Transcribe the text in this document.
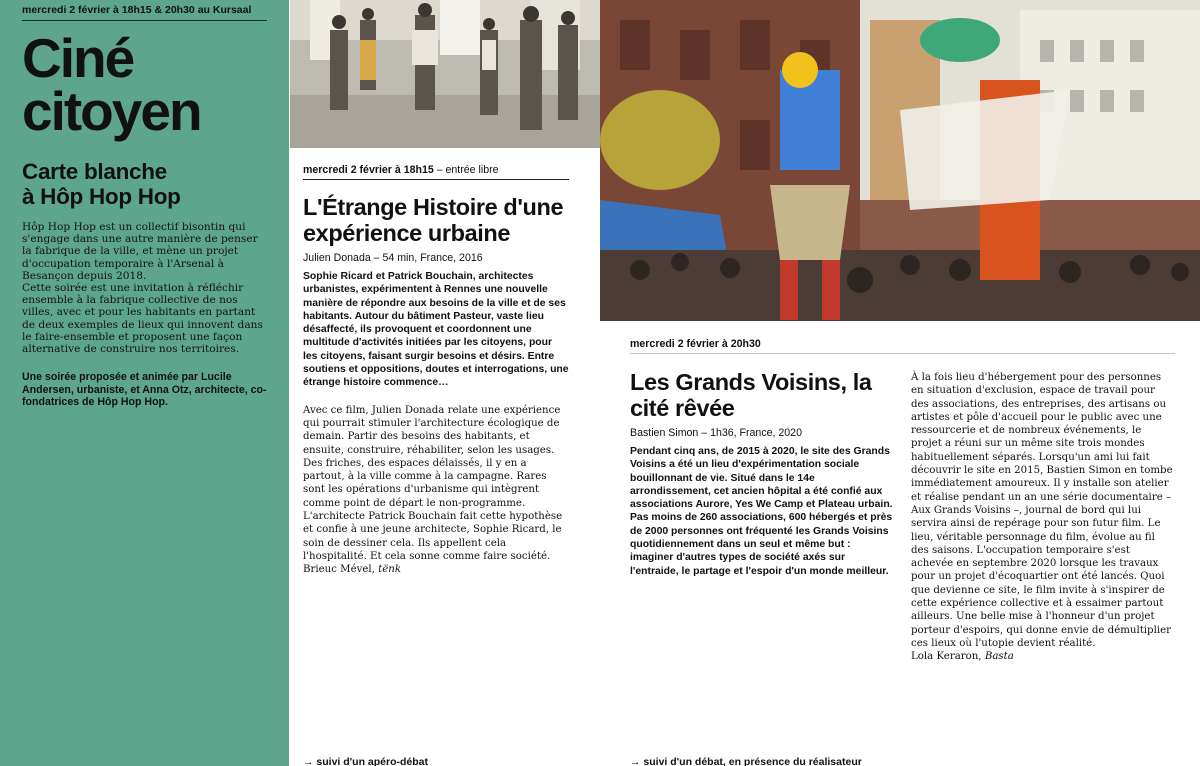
mercredi 2 février à 18h15 & 20h30 au Kursaal
Ciné
citoyen
Carte blanche
à Hôp Hop Hop

Hôp Hop Hop est un collectif bisontin qui s'engage dans une autre manière de penser la fabrique de la ville, et mène un projet d'occupation temporaire à l'Arsenal à Besançon depuis 2018.

Cette soirée est une invitation à réfléchir ensemble à la fabrique collective de nos villes, avec et pour les habitants en partant de deux exemples de lieux qui innovent dans le faire-ensemble et proposent une façon alternative de construire nos territoires.

Une soirée proposée et animée par Lucile Andersen, urbaniste, et Anna Otz, architecte, co-fondatrices de Hôp Hop Hop.
mercredi 2 février à 18h15 – entrée libre
L'Étrange Histoire d'une expérience urbaine
Julien Donada – 54 min, France, 2016
Sophie Ricard et Patrick Bouchain, architectes urbanistes, expérimentent à Rennes une nouvelle manière de répondre aux besoins de la ville et de ses habitants. Autour du bâtiment Pasteur, vaste lieu désaffecté, ils provoquent et coordonnent une multitude d'activités initiées par les citoyens, pour les citoyens, faisant surgir besoins et désirs. Entre soutiens et oppositions, doutes et interrogations, une étrange histoire commence…
Avec ce film, Julien Donada relate une expérience qui pourrait stimuler l'architecture écologique de demain. Partir des besoins des habitants, et ensuite, construire, réhabiliter, selon les usages. Des friches, des espaces délaissés, il y en a partout, à la ville comme à la campagne. Rares sont les opérations d'urbanisme qui intègrent comme point de départ le non-programme. L'architecte Patrick Bouchain fait cette hypothèse et confie à une jeune architecte, Sophie Ricard, le soin de dessiner cela. Ils appellent cela l'hospitalité. Et cela sonne comme faire société.
Brieuc Mével, tënk
mercredi 2 février à 20h30
Les Grands Voisins, la cité rêvée
Bastien Simon – 1h36, France, 2020
Pendant cinq ans, de 2015 à 2020, le site des Grands Voisins a été un lieu d'expérimentation sociale bouillonnant de vie. Situé dans le 14e arrondissement, cet ancien hôpital a été confié aux associations Aurore, Yes We Camp et Plateau urbain. Pas moins de 260 associations, 600 hébergés et près de 2000 personnes ont fréquenté les Grands Voisins quotidiennement dans un seul et même but : imaginer d'autres types de société axés sur l'entraide, le partage et l'espoir d'un monde meilleur.
À la fois lieu d'hébergement pour des personnes en situation d'exclusion, espace de travail pour des associations, des entreprises, des artisans ou artistes et pôle d'accueil pour le public avec une ressourcerie et de nombreux événements, le projet a réuni sur un même site trois mondes habituellement séparés. Lorsqu'un ami lui fait découvrir le site en 2015, Bastien Simon en tombe immédiatement amoureux. Il y installe son atelier et réalise pendant un an une série documentaire – Aux Grands Voisins –, journal de bord qui lui servira ainsi de repérage pour son futur film. Le lieu, véritable personnage du film, évolue au fil des saisons. L'occupation temporaire s'est achevée en septembre 2020 lorsque les travaux pour un projet d'écoquartier ont été lancés. Quoi que devienne ce site, le film invite à s'inspirer de cette expérience collective et à essaimer partout ailleurs. Une belle mise à l'honneur d'un projet porteur d'espoirs, qui donne envie de démultiplier ces lieux où l'utopie devient réalité.
Lola Keraron, Basta
→ suivi d'un apéro-débat	→ suivi d'un débat, en présence du réalisateur
